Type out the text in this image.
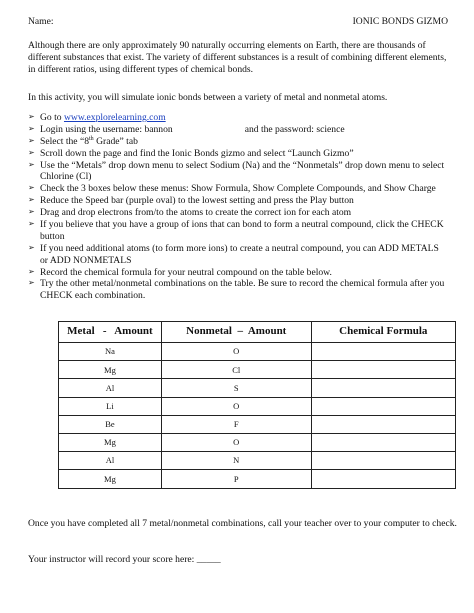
Name:	IONIC BONDS GIZMO

Although there are only approximately 90 naturally occurring elements on Earth, there are thousands of different substances that exist. The variety of different substances is a result of combining different elements, in different ratios, using different types of chemical bonds.

In this activity, you will simulate ionic bonds between a variety of metal and nonmetal atoms.

➢ Go to www.explorelearning.com
➢ Login using the username: bannon	and the password: science
➢ Select the “8th Grade” tab
➢ Scroll down the page and find the Ionic Bonds gizmo and select “Launch Gizmo”
➢ Use the “Metals” drop down menu to select Sodium (Na) and the “Nonmetals” drop down menu to select Chlorine (Cl)
➢ Check the 3 boxes below these menus: Show Formula, Show Complete Compounds, and Show Charge
➢ Reduce the Speed bar (purple oval) to the lowest setting and press the Play button
➢ Drag and drop electrons from/to the atoms to create the correct ion for each atom
➢ If you believe that you have a group of ions that can bond to form a neutral compound, click the CHECK button
➢ If you need additional atoms (to form more ions) to create a neutral compound, you can ADD METALS or ADD NONMETALS
➢ Record the chemical formula for your neutral compound on the table below.
➢ Try the other metal/nonmetal combinations on the table. Be sure to record the chemical formula after you CHECK each combination.
Metal   -   Amount	Nonmetal  –  Amount	Chemical Formula
Na	O	
Mg	Cl	
Al	S	
Li	O	
Be	F	
Mg	O	
Al	N	
Mg	P	

Once you have completed all 7 metal/nonmetal combinations, call your teacher over to your computer to check.

Your instructor will record your score here: _____
